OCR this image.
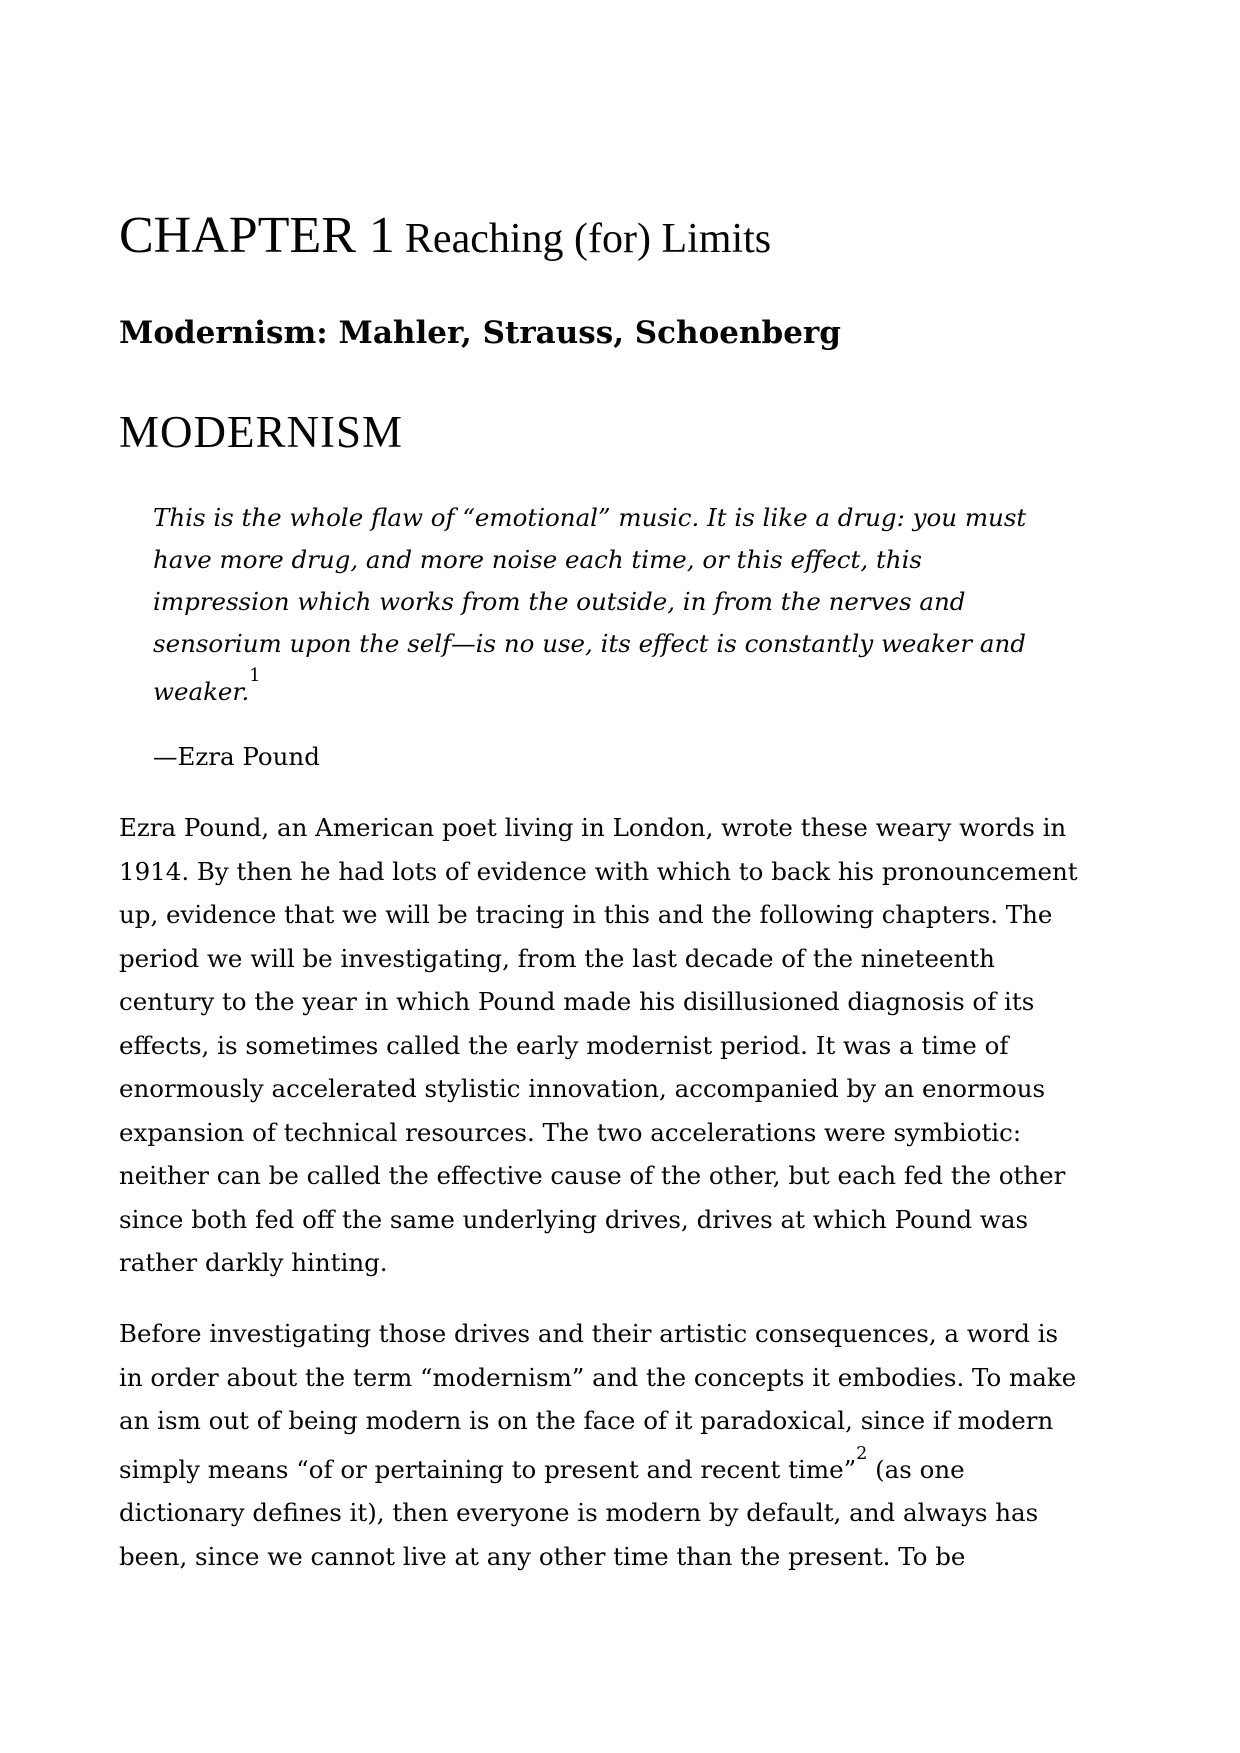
CHAPTER 1 Reaching (for) Limits
Modernism: Mahler, Strauss, Schoenberg
MODERNISM
This is the whole flaw of “emotional” music. It is like a drug: you must
have more drug, and more noise each time, or this effect, this
impression which works from the outside, in from the nerves and
sensorium upon the self—is no use, its effect is constantly weaker and
weaker.$^1$
—Ezra Pound
Ezra Pound, an American poet living in London, wrote these weary words in
1914. By then he had lots of evidence with which to back his pronouncement
up, evidence that we will be tracing in this and the following chapters. The
period we will be investigating, from the last decade of the nineteenth
century to the year in which Pound made his disillusioned diagnosis of its
effects, is sometimes called the early modernist period. It was a time of
enormously accelerated stylistic innovation, accompanied by an enormous
expansion of technical resources. The two accelerations were symbiotic:
neither can be called the effective cause of the other, but each fed the other
since both fed off the same underlying drives, drives at which Pound was
rather darkly hinting.
Before investigating those drives and their artistic consequences, a word is
in order about the term “modernism” and the concepts it embodies. To make
an ism out of being modern is on the face of it paradoxical, since if modern
simply means “of or pertaining to present and recent time”$^2$ (as one
dictionary defines it), then everyone is modern by default, and always has
been, since we cannot live at any other time than the present. To be
